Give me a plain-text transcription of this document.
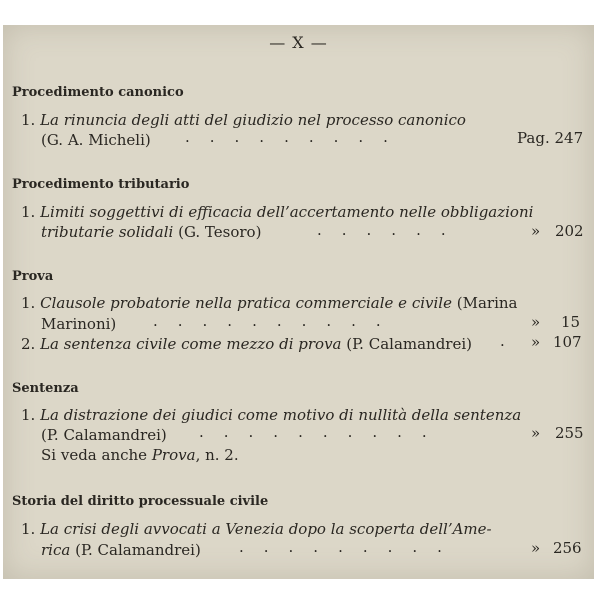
— X —
Procedimento canonico
1. La rinuncia degli atti del giudizio nel processo canonico
(G. A. Micheli) .........	Pag. 247
Procedimento tributario
1. Limiti soggettivi di efficacia dell’accertamento nelle obbligazioni
tributarie solidali (G. Tesoro)	......	» 202
Prova
1. Clausole probatorie nella pratica commerciale e civile (Marina
Marinoni) ..........	» 15
2. La sentenza civile come mezzo di prova (P. Calamandrei) . » 107
Sentenza
1. La distrazione dei giudici come motivo di nullità della sentenza
(P. Calamandrei) ..........	» 255
Si veda anche Prova, n. 2.
Storia del diritto processuale civile
1. La crisi degli avvocati a Venezia dopo la scoperta dell’Ame-
rica (P. Calamandrei)	.........	» 256
